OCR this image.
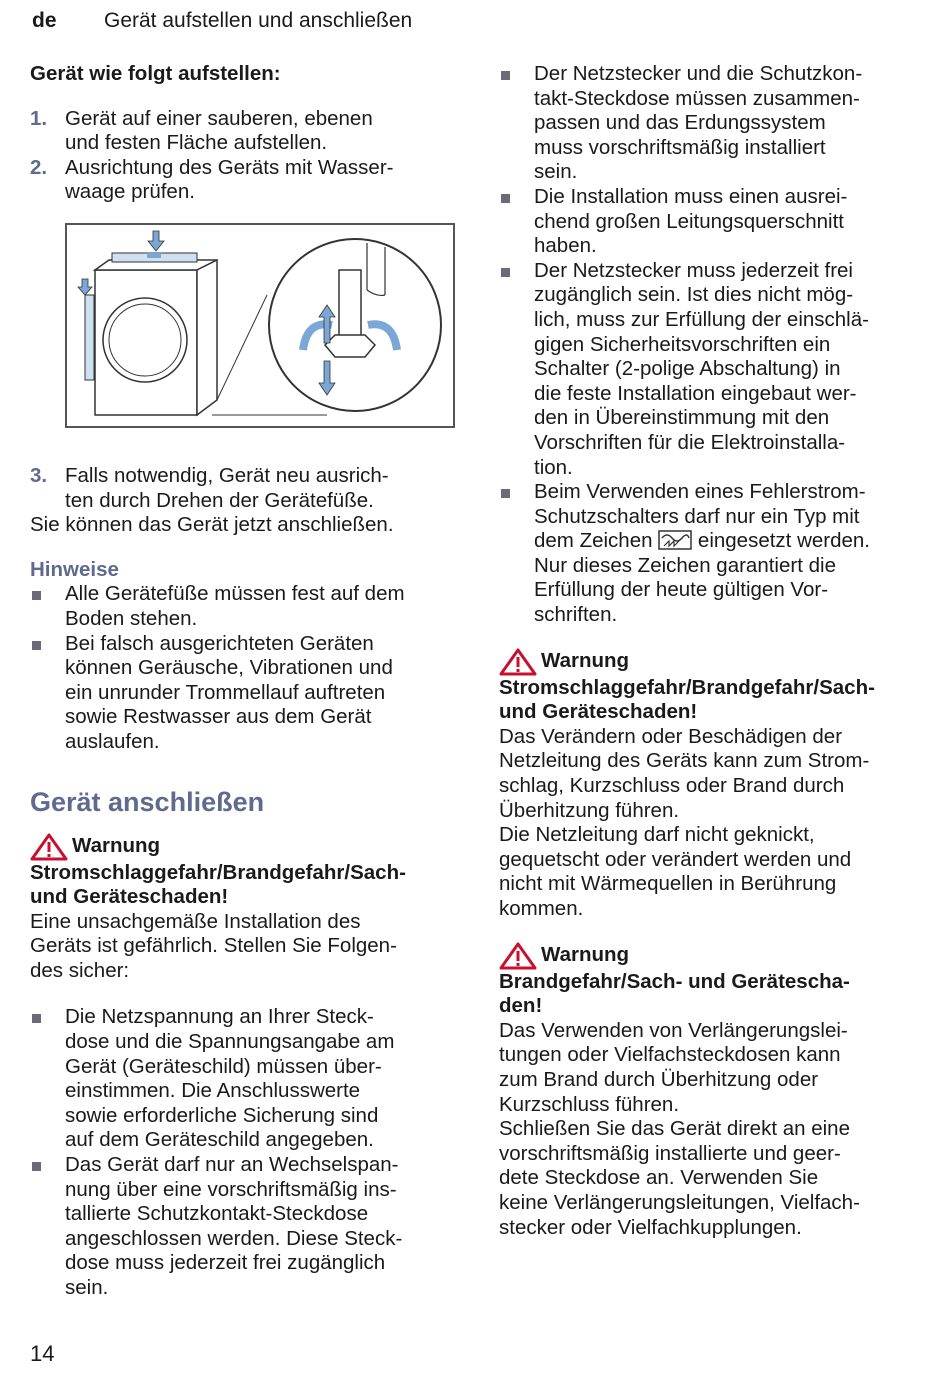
de Gerät aufstellen und anschließen

Gerät wie folgt aufstellen:

1. Gerät auf einer sauberen, ebenen
und festen Fläche aufstellen.
2. Ausrichtung des Geräts mit Wasser-
waage prüfen.
3. Falls notwendig, Gerät neu ausrich-
ten durch Drehen der Gerätefüße.

Sie können das Gerät jetzt anschließen.

Hinweise

Alle Gerätefüße müssen fest auf dem
Boden stehen.
Bei falsch ausgerichteten Geräten
können Geräusche, Vibrationen und
ein unrunder Trommellauf auftreten
sowie Restwasser aus dem Gerät
auslaufen.

Gerät anschließen

Warnung

Stromschlaggefahr/Brandgefahr/Sach-
und Geräteschaden!

Eine unsachgemäße Installation des
Geräts ist gefährlich. Stellen Sie Folgen-
des sicher:

Die Netzspannung an Ihrer Steck-
dose und die Spannungsangabe am
Gerät (Geräteschild) müssen über-
einstimmen. Die Anschlusswerte
sowie erforderliche Sicherung sind
auf dem Geräteschild angegeben.
Das Gerät darf nur an Wechselspan-
nung über eine vorschriftsmäßig ins-
tallierte Schutzkontakt-Steckdose
angeschlossen werden. Diese Steck-
dose muss jederzeit frei zugänglich
sein.
Der Netzstecker und die Schutzkon-
takt-Steckdose müssen zusammen-
passen und das Erdungssystem
muss vorschriftsmäßig installiert
sein.
Die Installation muss einen ausrei-
chend großen Leitungsquerschnitt
haben.
Der Netzstecker muss jederzeit frei
zugänglich sein. Ist dies nicht mög-
lich, muss zur Erfüllung der einschlä-
gigen Sicherheitsvorschriften ein
Schalter (2-polige Abschaltung) in
die feste Installation eingebaut wer-
den in Übereinstimmung mit den
Vorschriften für die Elektroinstalla-
tion.
Beim Verwenden eines Fehlerstrom-
Schutzschalters darf nur ein Typ mit
dem Zeichen eingesetzt werden.
Nur dieses Zeichen garantiert die
Erfüllung der heute gültigen Vor-
schriften.
Warnung

Stromschlaggefahr/Brandgefahr/Sach-
und Geräteschaden!

Das Verändern oder Beschädigen der
Netzleitung des Geräts kann zum Strom-
schlag, Kurzschluss oder Brand durch
Überhitzung führen.

Die Netzleitung darf nicht geknickt,
gequetscht oder verändert werden und
nicht mit Wärmequellen in Berührung
kommen.

Warnung

Brandgefahr/Sach- und Gerätescha-
den!

Das Verwenden von Verlängerungslei-
tungen oder Vielfachsteckdosen kann
zum Brand durch Überhitzung oder
Kurzschluss führen.

Schließen Sie das Gerät direkt an eine
vorschriftsmäßig installierte und geer-
dete Steckdose an. Verwenden Sie
keine Verlängerungsleitungen, Vielfach-
stecker oder Vielfachkupplungen.

14
